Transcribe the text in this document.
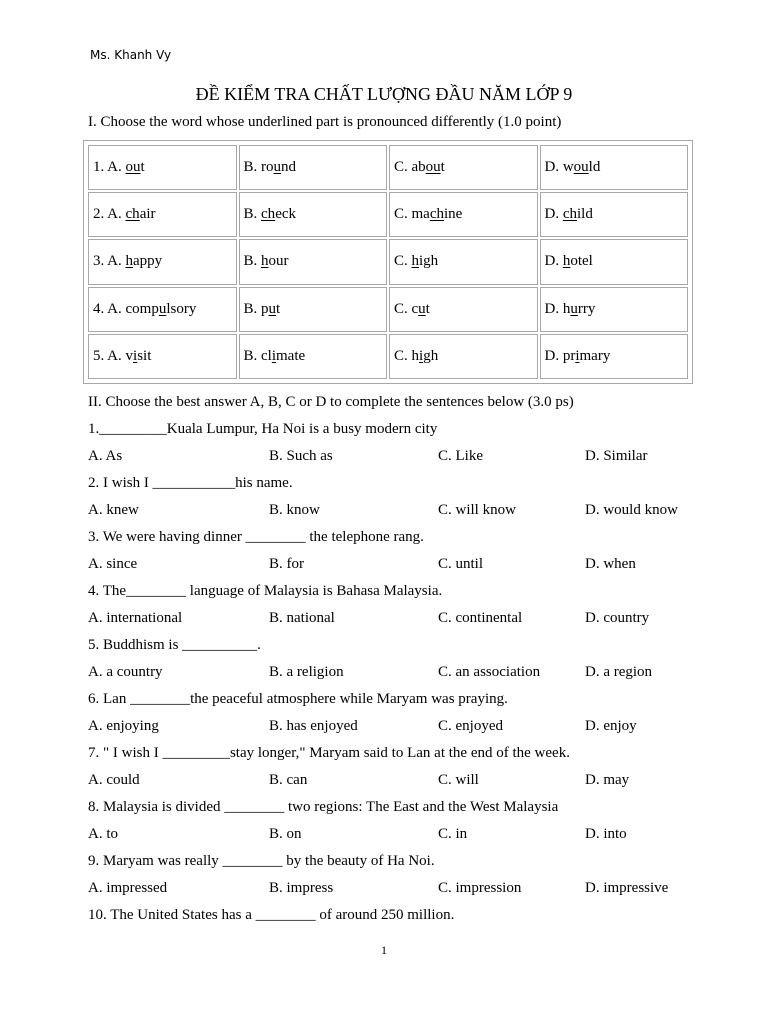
Ms. Khanh Vy
ĐỀ KIỂM TRA CHẤT LƯỢNG ĐẦU NĂM LỚP 9
I. Choose the word whose underlined part is pronounced differently (1.0 point)
1. A. out	B. round	C. about	D. would
2. A. chair	B. check	C. machine	D. child
3. A. happy	B. hour	C. high	D. hotel
4. A. compulsory	B. put	C. cut	D. hurry
5. A. visit	B. climate	C. high	D. primary
II. Choose the best answer A, B, C or D to complete the sentences below (3.0 ps)
1._________Kuala Lumpur, Ha Noi is a busy modern city
A. As	B. Such as	C. Like	D. Similar
2. I wish I ___________his name.
A. knew	B. know	C. will know	D. would know
3. We were having dinner ________ the telephone rang.
A. since	B. for	C. until	D. when
4. The________ language of Malaysia is Bahasa Malaysia.
A. international	B. national	C. continental	D. country
5. Buddhism is __________.
A. a country	B. a religion	C. an association	D. a region
6. Lan ________the peaceful atmosphere while Maryam was praying.
A. enjoying	B. has enjoyed	C. enjoyed	D. enjoy
7. " I wish I _________stay longer," Maryam said to Lan at the end of the week.
A. could	B. can	C. will	D. may
8. Malaysia is divided ________ two regions: The East and the West Malaysia
A. to	B. on	C. in	D. into
9. Maryam was really ________ by the beauty of Ha Noi.
A. impressed	B. impress	C. impression	D. impressive
10. The United States has a ________ of around 250 million.
1
